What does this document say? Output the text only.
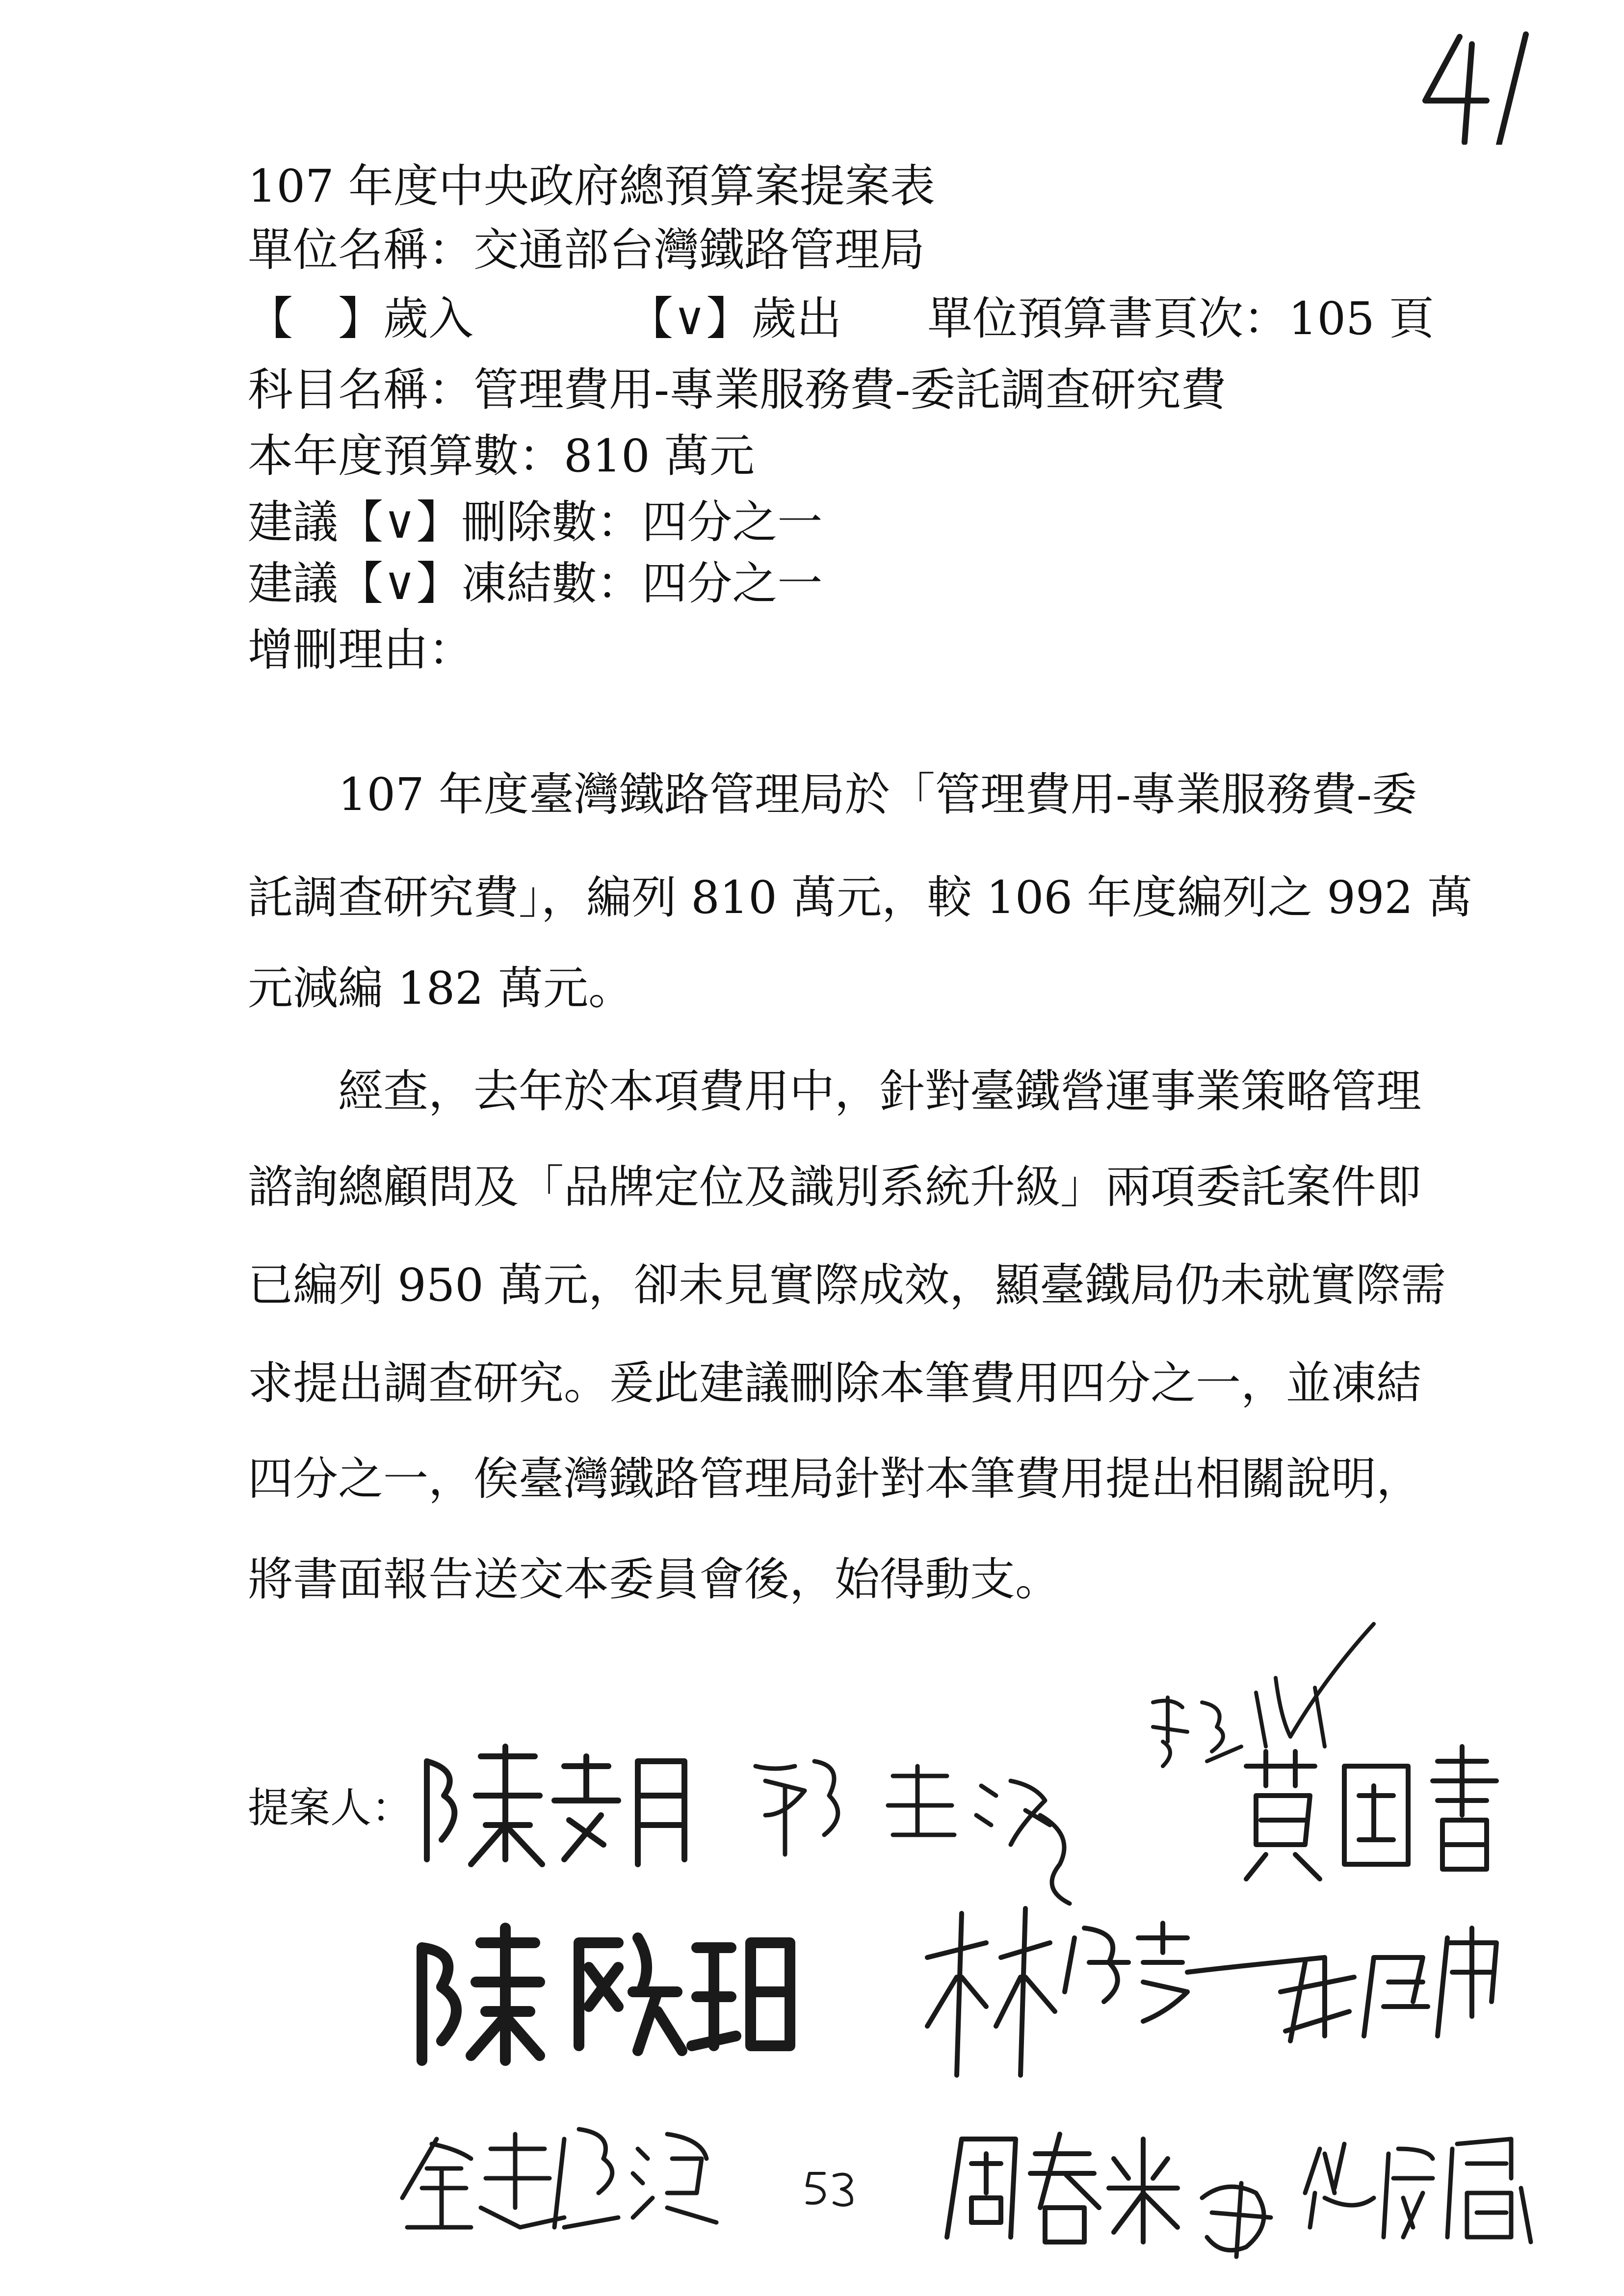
107 年度中央政府總預算案提案表
單位名稱：交通部台灣鐵路管理局
【　】歲入	【∨】歲出 單位預算書頁次：105 頁
科目名稱：管理費用-專業服務費-委託調查研究費
本年度預算數：810 萬元
建議【∨】刪除數：四分之一
建議【∨】凍結數：四分之一
增刪理由：
　　107 年度臺灣鐵路管理局於「管理費用-專業服務費-委
託調查研究費」，編列 810 萬元，較 106 年度編列之 992 萬
元減編 182 萬元。
　　經查，去年於本項費用中，針對臺鐵營運事業策略管理
諮詢總顧問及「品牌定位及識別系統升級」兩項委託案件即
已編列 950 萬元，卻未見實際成效，顯臺鐵局仍未就實際需
求提出調查研究。爰此建議刪除本筆費用四分之一，並凍結
四分之一，俟臺灣鐵路管理局針對本筆費用提出相關說明，
將書面報告送交本委員會後，始得動支。
提案人：
